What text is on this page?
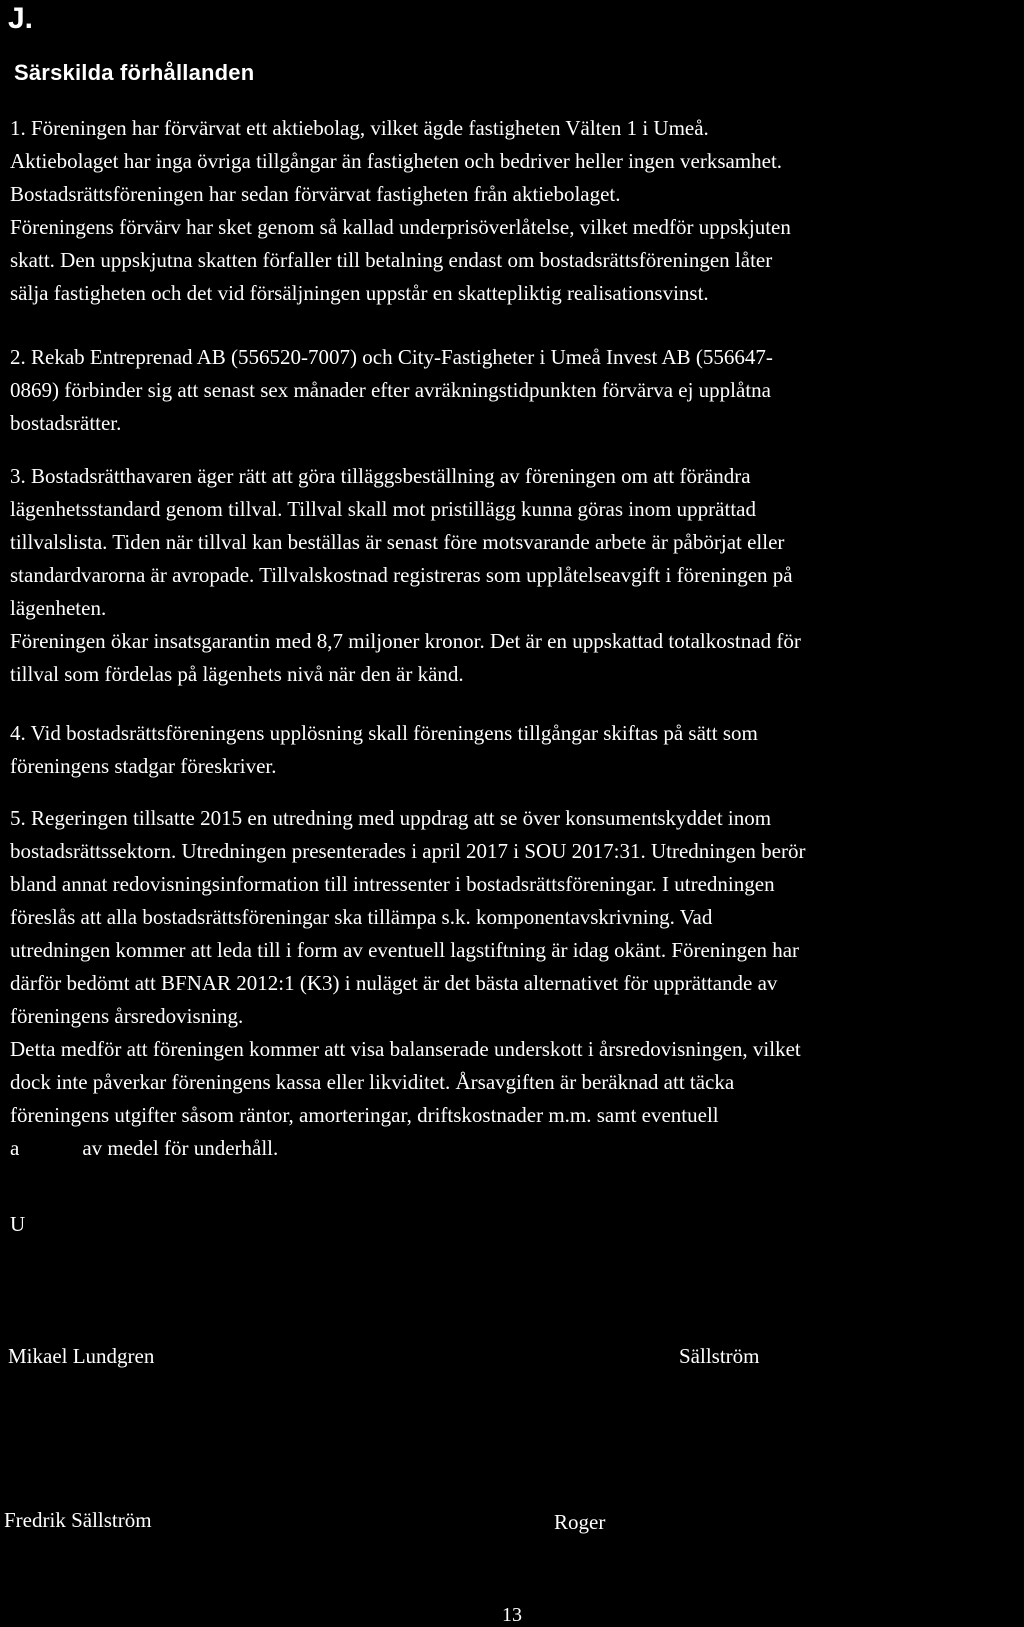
J.
Särskilda förhållanden
1. Föreningen har förvärvat ett aktiebolag, vilket ägde fastigheten Välten 1 i Umeå.
Aktiebolaget har inga övriga tillgångar än fastigheten och bedriver heller ingen verksamhet.
Bostadsrättsföreningen har sedan förvärvat fastigheten från aktiebolaget.
Föreningens förvärv har sket genom så kallad underprisöverlåtelse, vilket medför uppskjuten
skatt. Den uppskjutna skatten förfaller till betalning endast om bostadsrättsföreningen låter
sälja fastigheten och det vid försäljningen uppstår en skattepliktig realisationsvinst.
2. Rekab Entreprenad AB (556520-7007) och City-Fastigheter i Umeå Invest AB (556647-
0869) förbinder sig att senast sex månader efter avräkningstidpunkten förvärva ej upplåtna
bostadsrätter.
3. Bostadsrätthavaren äger rätt att göra tilläggsbeställning av föreningen om att förändra
lägenhetsstandard genom tillval. Tillval skall mot pristillägg kunna göras inom upprättad
tillvalslista. Tiden när tillval kan beställas är senast före motsvarande arbete är påbörjat eller
standardvarorna är avropade. Tillvalskostnad registreras som upplåtelseavgift i föreningen på
lägenheten.
Föreningen ökar insatsgarantin med 8,7 miljoner kronor. Det är en uppskattad totalkostnad för
tillval som fördelas på lägenhets nivå när den är känd.
4. Vid bostadsrättsföreningens upplösning skall föreningens tillgångar skiftas på sätt som
föreningens stadgar föreskriver.
5. Regeringen tillsatte 2015 en utredning med uppdrag att se över konsumentskyddet inom
bostadsrättssektorn. Utredningen presenterades i april 2017 i SOU 2017:31. Utredningen berör
bland annat redovisningsinformation till intressenter i bostadsrättsföreningar. I utredningen
föreslås att alla bostadsrättsföreningar ska tillämpa s.k. komponentavskrivning. Vad
utredningen kommer att leda till i form av eventuell lagstiftning är idag okänt. Föreningen har
därför bedömt att BFNAR 2012:1 (K3) i nuläget är det bästa alternativet för upprättande av
föreningens årsredovisning.
Detta medför att föreningen kommer att visa balanserade underskott i årsredovisningen, vilket
dock inte påverkar föreningens kassa eller likviditet. Årsavgiften är beräknad att täcka
föreningens utgifter såsom räntor, amorteringar, driftskostnader m.m. samt eventuell
a            av medel för underhåll.
U
Mikael Lundgren	Sällström
Fredrik Sällström	Roger
13
